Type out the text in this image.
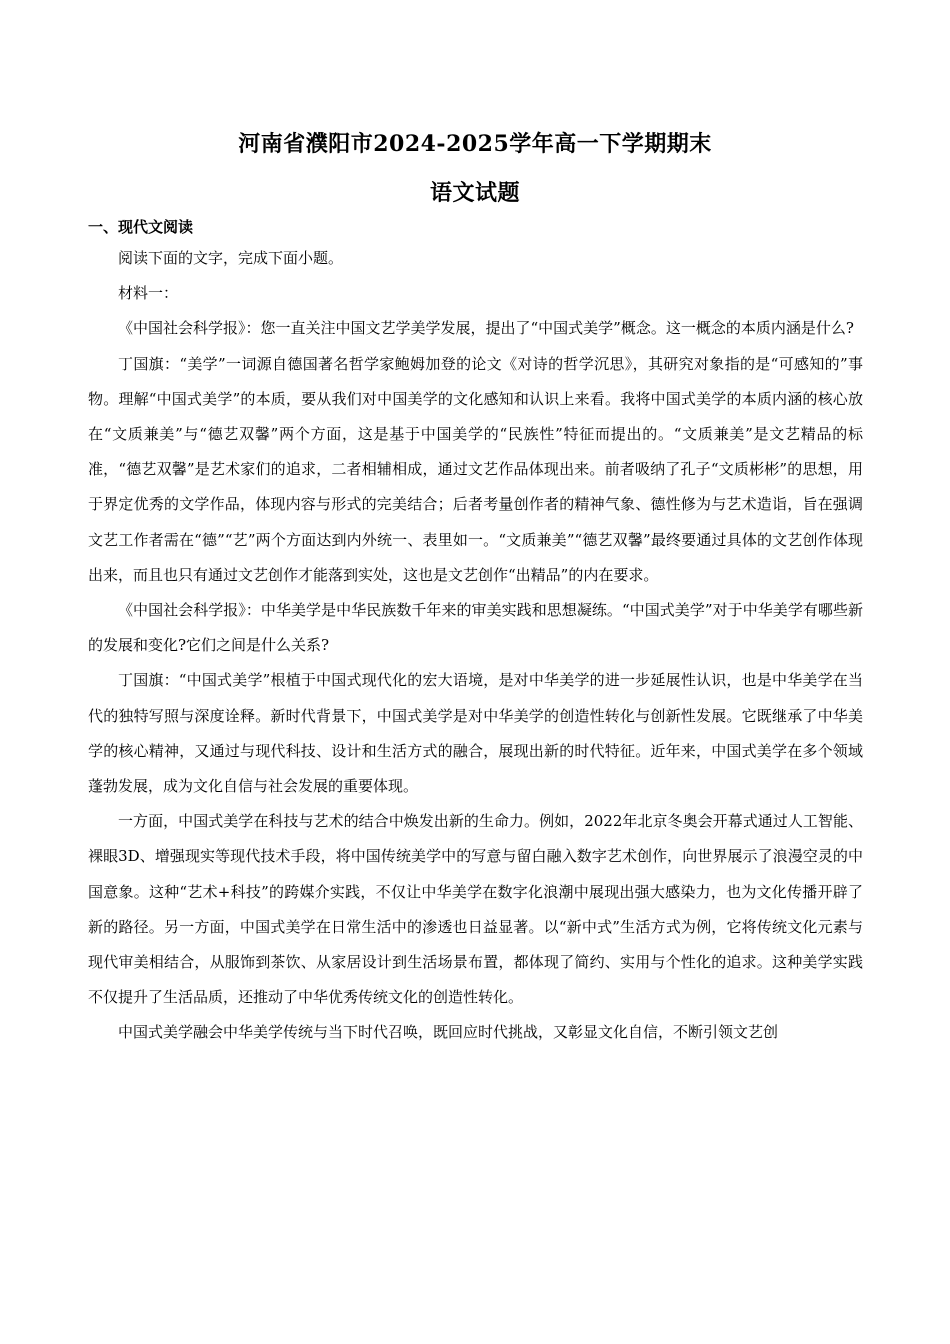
河南省濮阳市2024-2025学年高一下学期期末
语文试题
一、现代文阅读

阅读下面的文字，完成下面小题。

材料一：

《中国社会科学报》：您一直关注中国文艺学美学发展，提出了“中国式美学”概念。这一概念的本质内涵是什么?

丁国旗：“美学”一词源自德国著名哲学家鲍姆加登的论文《对诗的哲学沉思》，其研究对象指的是“可感知的”事物。理解“中国式美学”的本质，要从我们对中国美学的文化感知和认识上来看。我将中国式美学的本质内涵的核心放在“文质兼美”与“德艺双馨”两个方面，这是基于中国美学的“民族性”特征而提出的。“文质兼美”是文艺精品的标准，“德艺双馨”是艺术家们的追求，二者相辅相成，通过文艺作品体现出来。前者吸纳了孔子“文质彬彬”的思想，用于界定优秀的文学作品，体现内容与形式的完美结合；后者考量创作者的精神气象、德性修为与艺术造诣，旨在强调文艺工作者需在“德”“艺”两个方面达到内外统一、表里如一。“文质兼美”“德艺双馨”最终要通过具体的文艺创作体现出来，而且也只有通过文艺创作才能落到实处，这也是文艺创作“出精品”的内在要求。

《中国社会科学报》：中华美学是中华民族数千年来的审美实践和思想凝练。“中国式美学”对于中华美学有哪些新的发展和变化?它们之间是什么关系?

丁国旗：“中国式美学”根植于中国式现代化的宏大语境，是对中华美学的进一步延展性认识，也是中华美学在当代的独特写照与深度诠释。新时代背景下，中国式美学是对中华美学的创造性转化与创新性发展。它既继承了中华美学的核心精神，又通过与现代科技、设计和生活方式的融合，展现出新的时代特征。近年来，中国式美学在多个领域蓬勃发展，成为文化自信与社会发展的重要体现。

一方面，中国式美学在科技与艺术的结合中焕发出新的生命力。例如，2022年北京冬奥会开幕式通过人工智能、裸眼3D、增强现实等现代技术手段，将中国传统美学中的写意与留白融入数字艺术创作，向世界展示了浪漫空灵的中国意象。这种“艺术+科技”的跨媒介实践，不仅让中华美学在数字化浪潮中展现出强大感染力，也为文化传播开辟了新的路径。另一方面，中国式美学在日常生活中的渗透也日益显著。以“新中式”生活方式为例，它将传统文化元素与现代审美相结合，从服饰到茶饮、从家居设计到生活场景布置，都体现了简约、实用与个性化的追求。这种美学实践不仅提升了生活品质，还推动了中华优秀传统文化的创造性转化。

中国式美学融会中华美学传统与当下时代召唤，既回应时代挑战，又彰显文化自信，不断引领文艺创
